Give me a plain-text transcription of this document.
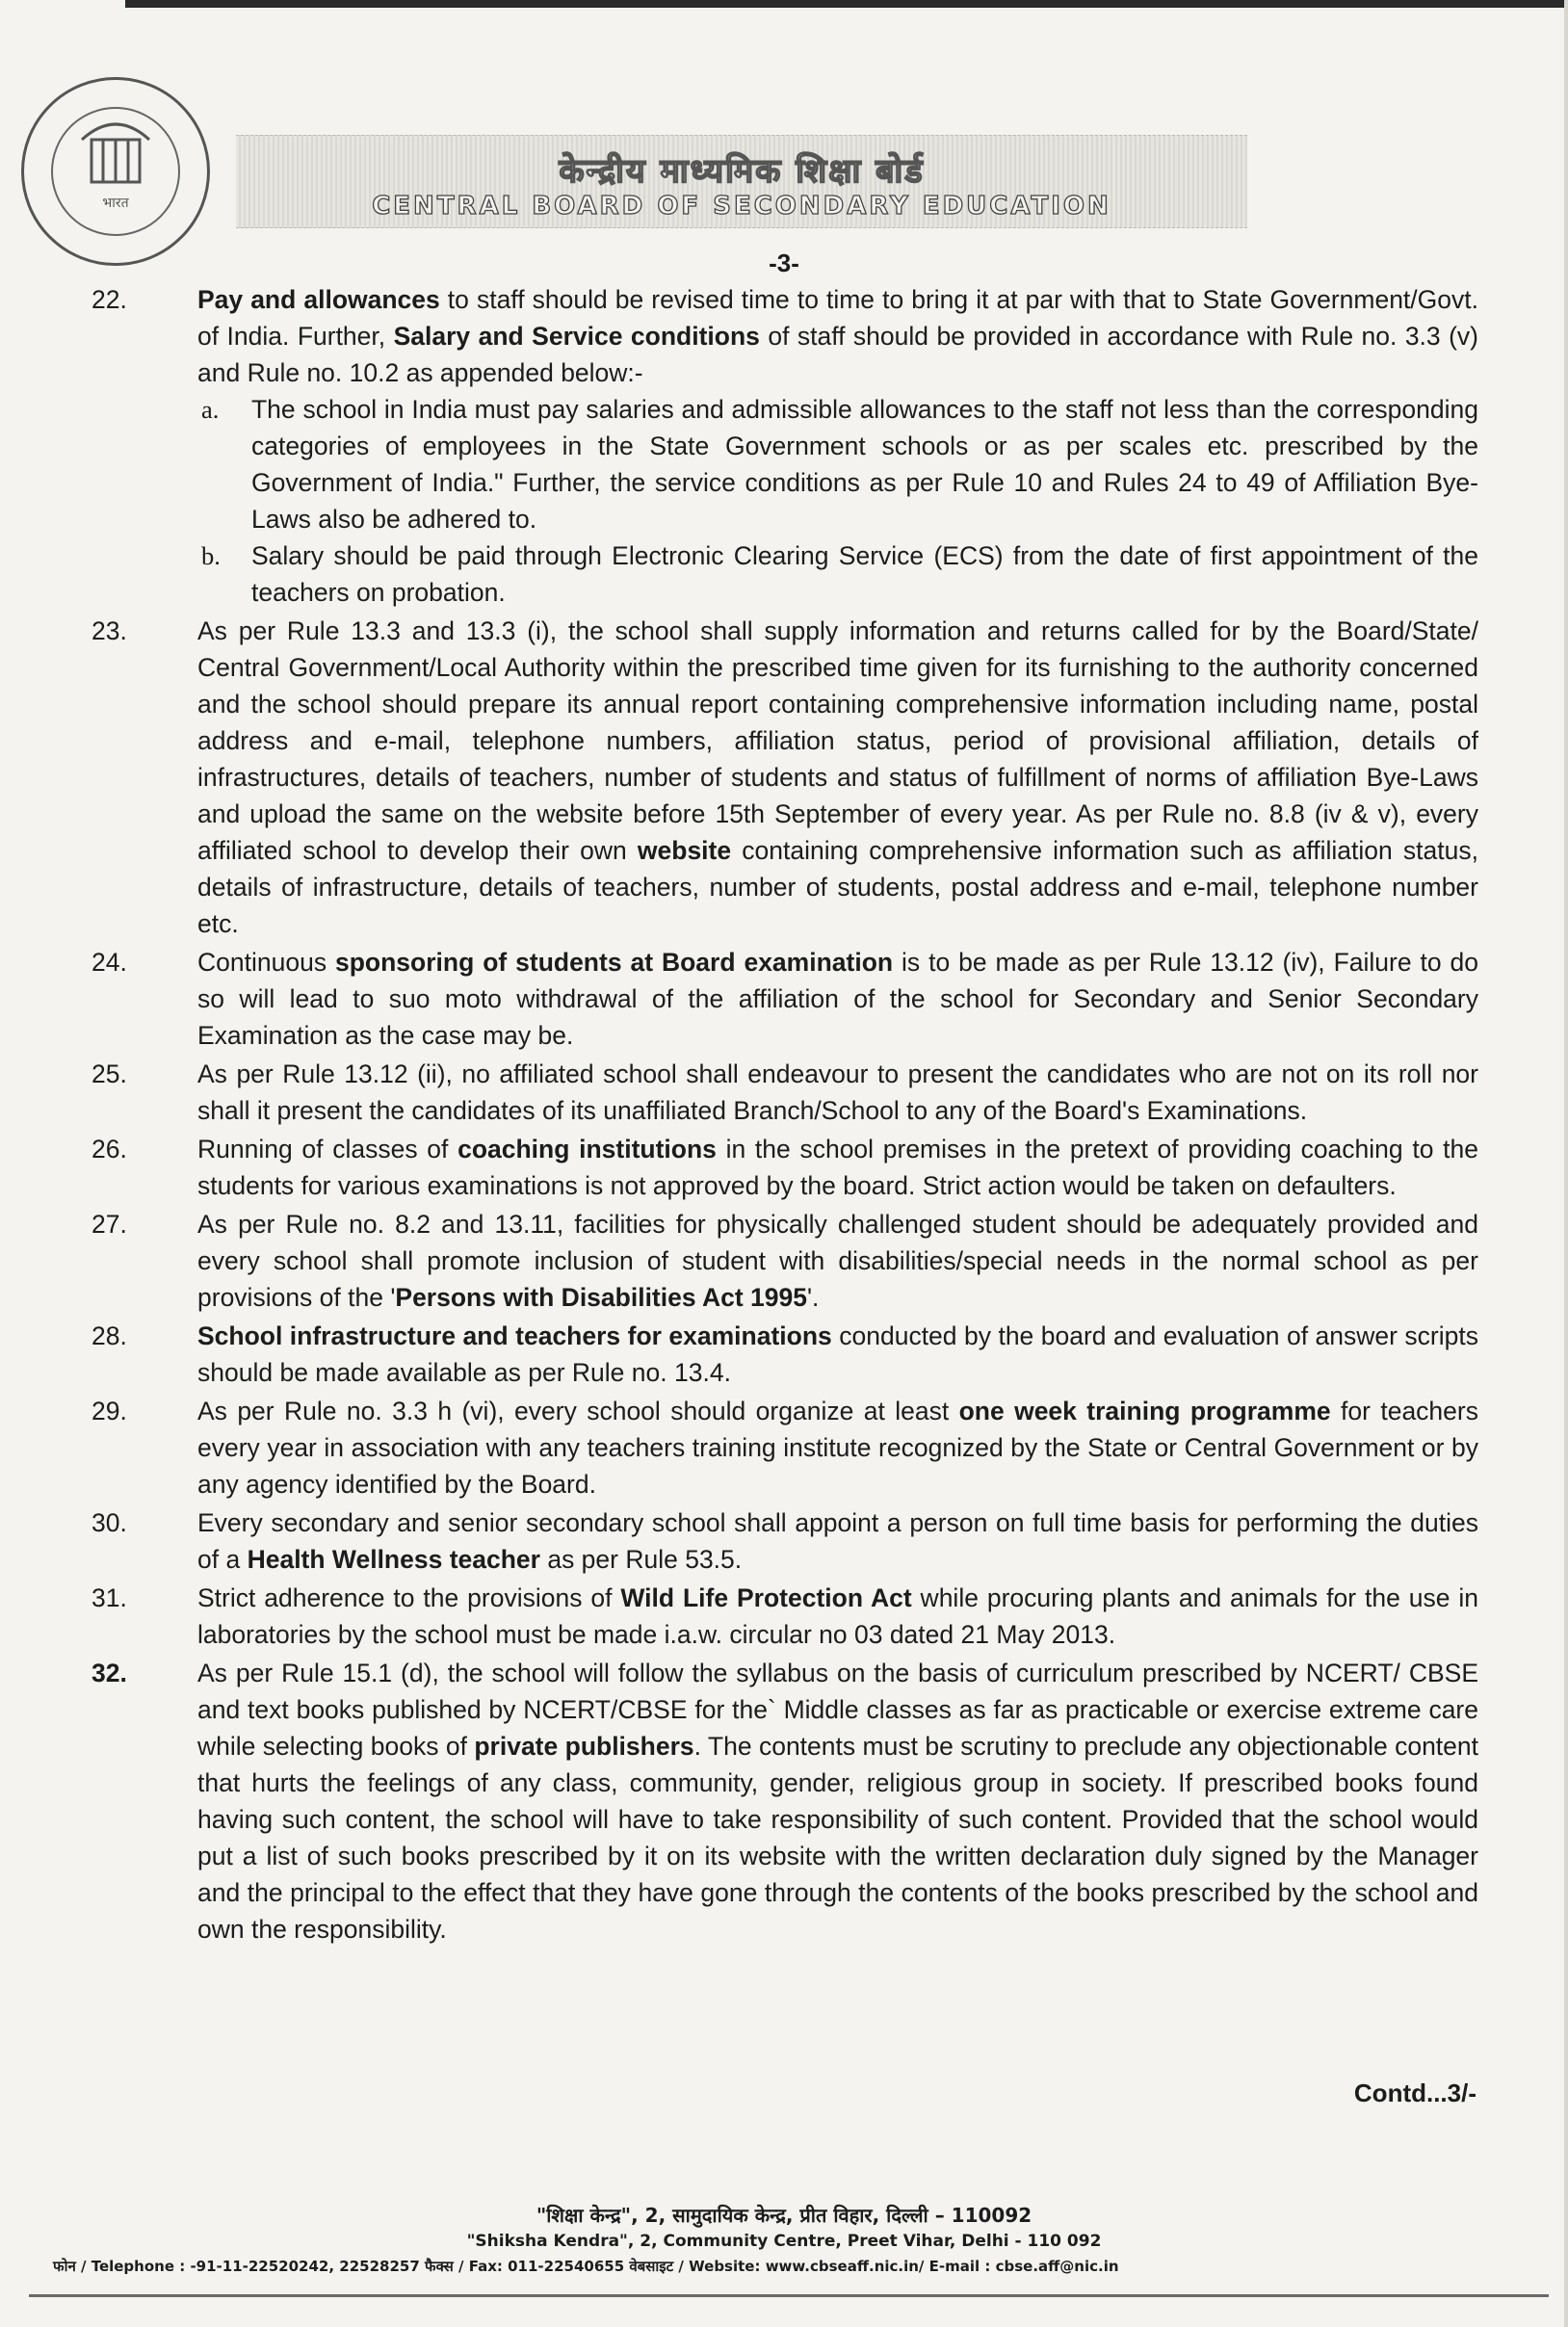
भारत
केन्द्रीय माध्यमिक शिक्षा बोर्ड
CENTRAL BOARD OF SECONDARY EDUCATION
-3-
22.	Pay and allowances to staff should be revised time to time to bring it at par with that to State Government/Govt. of India. Further, Salary and Service conditions of staff should be provided in accordance with Rule no. 3.3 (v) and Rule no. 10.2 as appended below:-
a. The school in India must pay salaries and admissible allowances to the staff not less than the corresponding categories of employees in the State Government schools or as per scales etc. prescribed by the Government of India." Further, the service conditions as per Rule 10 and Rules 24 to 49 of Affiliation Bye-Laws also be adhered to.
b. Salary should be paid through Electronic Clearing Service (ECS) from the date of first appointment of the teachers on probation.
23.	As per Rule 13.3 and 13.3 (i), the school shall supply information and returns called for by the Board/State/ Central Government/Local Authority within the prescribed time given for its furnishing to the authority concerned and the school should prepare its annual report containing comprehensive information including name, postal address and e-mail, telephone numbers, affiliation status, period of provisional affiliation, details of infrastructures, details of teachers, number of students and status of fulfillment of norms of affiliation Bye-Laws and upload the same on the website before 15th September of every year. As per Rule no. 8.8 (iv & v), every affiliated school to develop their own website containing comprehensive information such as affiliation status, details of infrastructure, details of teachers, number of students, postal address and e-mail, telephone number etc.
24.	Continuous sponsoring of students at Board examination is to be made as per Rule 13.12 (iv), Failure to do so will lead to suo moto withdrawal of the affiliation of the school for Secondary and Senior Secondary Examination as the case may be.
25.	As per Rule 13.12 (ii), no affiliated school shall endeavour to present the candidates who are not on its roll nor shall it present the candidates of its unaffiliated Branch/School to any of the Board's Examinations.
26.	Running of classes of coaching institutions in the school premises in the pretext of providing coaching to the students for various examinations is not approved by the board. Strict action would be taken on defaulters.
27.	As per Rule no. 8.2 and 13.11, facilities for physically challenged student should be adequately provided and every school shall promote inclusion of student with disabilities/special needs in the normal school as per provisions of the 'Persons with Disabilities Act 1995'.
28.	School infrastructure and teachers for examinations conducted by the board and evaluation of answer scripts should be made available as per Rule no. 13.4.
29.	As per Rule no. 3.3 h (vi), every school should organize at least one week training programme for teachers every year in association with any teachers training institute recognized by the State or Central Government or by any agency identified by the Board.
30.	Every secondary and senior secondary school shall appoint a person on full time basis for performing the duties of a Health Wellness teacher as per Rule 53.5.
31.	Strict adherence to the provisions of Wild Life Protection Act while procuring plants and animals for the use in laboratories by the school must be made i.a.w. circular no 03 dated 21 May 2013.
32.	As per Rule 15.1 (d), the school will follow the syllabus on the basis of curriculum prescribed by NCERT/ CBSE and text books published by NCERT/CBSE for the` Middle classes as far as practicable or exercise extreme care while selecting books of private publishers. The contents must be scrutiny to preclude any objectionable content that hurts the feelings of any class, community, gender, religious group in society. If prescribed books found having such content, the school will have to take responsibility of such content. Provided that the school would put a list of such books prescribed by it on its website with the written declaration duly signed by the Manager and the principal to the effect that they have gone through the contents of the books prescribed by the school and own the responsibility.
Contd...3/-
"शिक्षा केन्द्र", 2, सामुदायिक केन्द्र, प्रीत विहार, दिल्ली – 110092
"Shiksha Kendra", 2, Community Centre, Preet Vihar, Delhi - 110 092
फोन / Telephone : -91-11-22520242, 22528257 फैक्स / Fax: 011-22540655 वेबसाइट / Website: www.cbseaff.nic.in/ E-mail : cbse.aff@nic.in
